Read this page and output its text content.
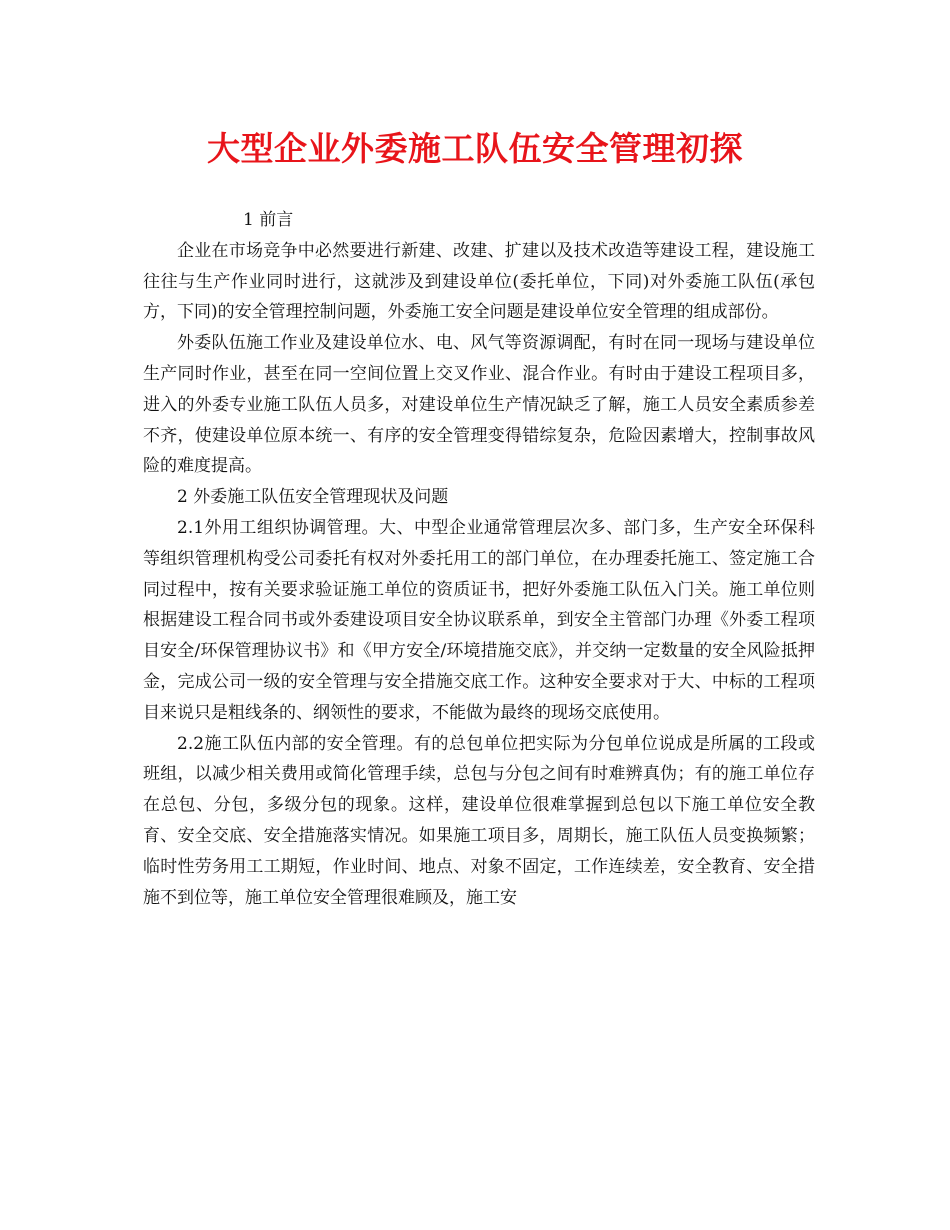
大型企业外委施工队伍安全管理初探

1 前言

企业在市场竞争中必然要进行新建、改建、扩建以及技术改造等建设工程，建设施工往往与生产作业同时进行，这就涉及到建设单位(委托单位，下同)对外委施工队伍(承包方，下同)的安全管理控制问题，外委施工安全问题是建设单位安全管理的组成部份。

外委队伍施工作业及建设单位水、电、风气等资源调配，有时在同一现场与建设单位生产同时作业，甚至在同一空间位置上交叉作业、混合作业。有时由于建设工程项目多，进入的外委专业施工队伍人员多，对建设单位生产情况缺乏了解，施工人员安全素质参差不齐，使建设单位原本统一、有序的安全管理变得错综复杂，危险因素增大，控制事故风险的难度提高。

2 外委施工队伍安全管理现状及问题

2.1外用工组织协调管理。大、中型企业通常管理层次多、部门多，生产安全环保科等组织管理机构受公司委托有权对外委托用工的部门单位，在办理委托施工、签定施工合同过程中，按有关要求验证施工单位的资质证书，把好外委施工队伍入门关。施工单位则根据建设工程合同书或外委建设项目安全协议联系单，到安全主管部门办理《外委工程项目安全/环保管理协议书》和《甲方安全/环境措施交底》，并交纳一定数量的安全风险抵押金，完成公司一级的安全管理与安全措施交底工作。这种安全要求对于大、中标的工程项目来说只是粗线条的、纲领性的要求，不能做为最终的现场交底使用。

2.2施工队伍内部的安全管理。有的总包单位把实际为分包单位说成是所属的工段或班组，以减少相关费用或简化管理手续，总包与分包之间有时难辨真伪；有的施工单位存在总包、分包，多级分包的现象。这样，建设单位很难掌握到总包以下施工单位安全教育、安全交底、安全措施落实情况。如果施工项目多，周期长，施工队伍人员变换频繁；临时性劳务用工工期短，作业时间、地点、对象不固定，工作连续差，安全教育、安全措施不到位等，施工单位安全管理很难顾及，施工安
